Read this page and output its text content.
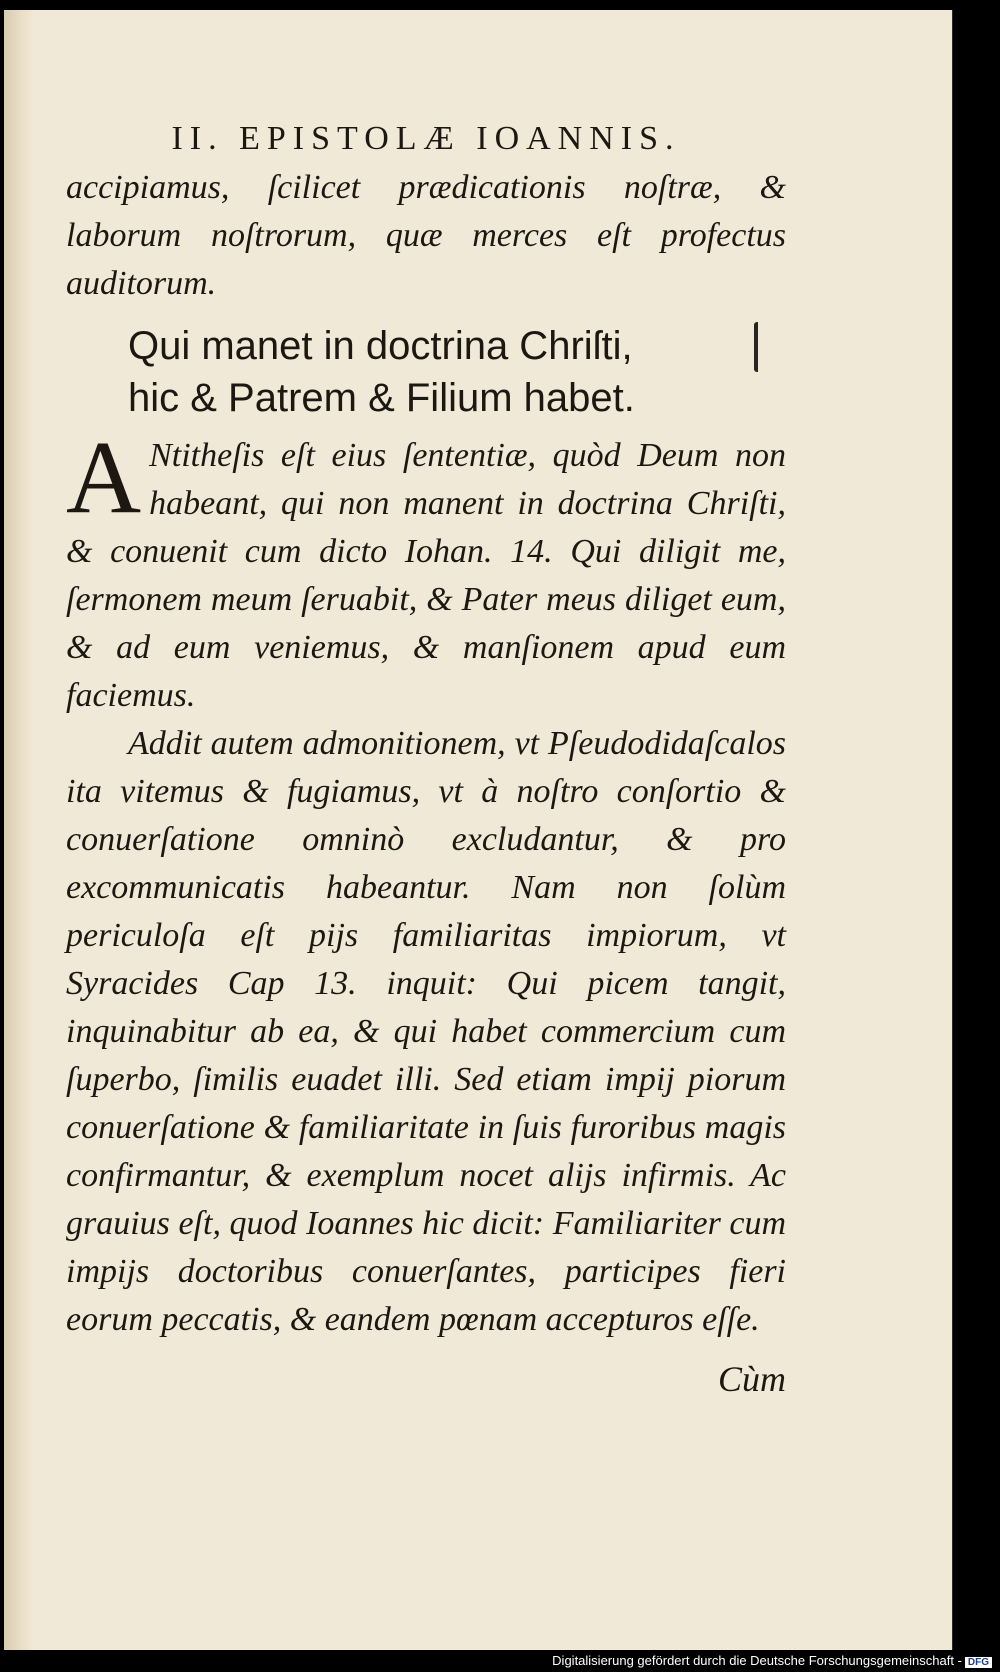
II. EPISTOLÆ IOANNIS.

accipiamus, ſcilicet prædicationis noſtræ, & laborum noſtrorum, quæ merces eſt profectus auditorum.

Qui manet in doctrina Chriſti,
hic & Patrem & Filium habet.

A Ntitheſis eſt eius ſententiæ, quòd Deum non habeant, qui non manent in doctrina Chriſti, & conuenit cum dicto Iohan. 14. Qui diligit me, ſermonem meum ſeruabit, & Pater meus diliget eum, & ad eum veniemus, & manſionem apud eum faciemus.

Addit autem admonitionem, vt Pſeudodidaſcalos ita vitemus & fugiamus, vt à noſtro conſortio & conuerſatione omninò excludantur, & pro excommunicatis habeantur. Nam non ſolùm periculoſa eſt pijs familiaritas impiorum, vt Syracides Cap 13. inquit: Qui picem tangit, inquinabitur ab ea, & qui habet commercium cum ſuperbo, ſimilis euadet illi. Sed etiam impij piorum conuerſatione & familiaritate in ſuis furoribus magis confirmantur, & exemplum nocet alijs infirmis. Ac grauius eſt, quod Ioannes hic dicit: Familiariter cum impijs doctoribus conuerſantes, participes fieri eorum peccatis, & eandem pœnam accepturos eſſe.

Cùm
Digitalisierung gefördert durch die Deutsche Forschungsgemeinschaft - DFG
